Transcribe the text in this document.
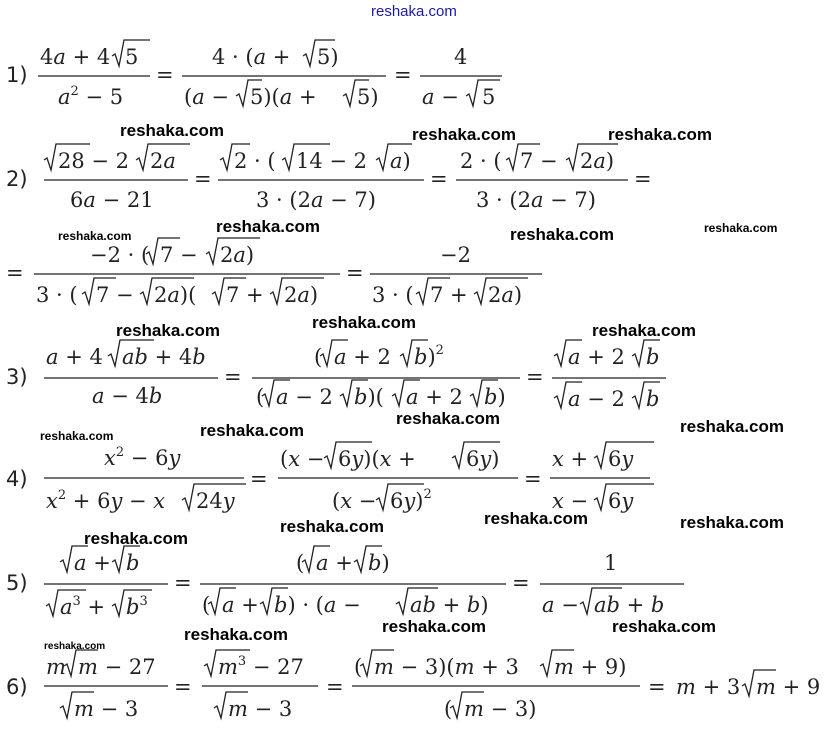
reshaka.com
1)
4a + 4 5
$a^2 - 5$
=
4 · (a + 5)
(a − 5)(a + 5)
=
4
a − 5
2)
28 − 2 2a
6a − 21
=
2 · ( 14 − 2 a)
3 · (2a − 7)
=
2 · ( 7 − 2a)
3 · (2a − 7)
=
=
−2 · ( 7 − 2a)
3 · ( 7 − 2a)( 7 + 2a)
=
−2
3 · ( 7 + 2a)
3)
a + 4 ab + 4b
a − 4b
=
( a + 2 b)$^2$
( a − 2 b)( a + 2 b)
=
a + 2 b
a − 2 b
4)
$x^2 - 6y$
$x^2 + 6y - x$ 24y
=
(x − 6y)(x + 6y)
$(x - 6y)^2$
=
x + 6y
x − 6y
5)
a + b
$a^3 + b^3$
=
( a + b)
( a + b) · (a − ab + b)
=
1
a − ab + b
6)
m m − 27
m − 3
=
$m^3 - 27$
m − 3
=
( m − 3)(m + 3 m + 9)
( m − 3)
= m + 3 m + 9
reshaka.com	reshaka.com	reshaka.com
reshaka.com
reshaka.com	reshaka.com	reshaka.com
reshaka.com
reshaka.com	reshaka.com
reshaka.com
reshaka.com
reshaka.com	reshaka.com
reshaka.com	reshaka.com	reshaka.com
reshaka.com
reshaka.com	reshaka.com
reshaka.com
reshaka.com
